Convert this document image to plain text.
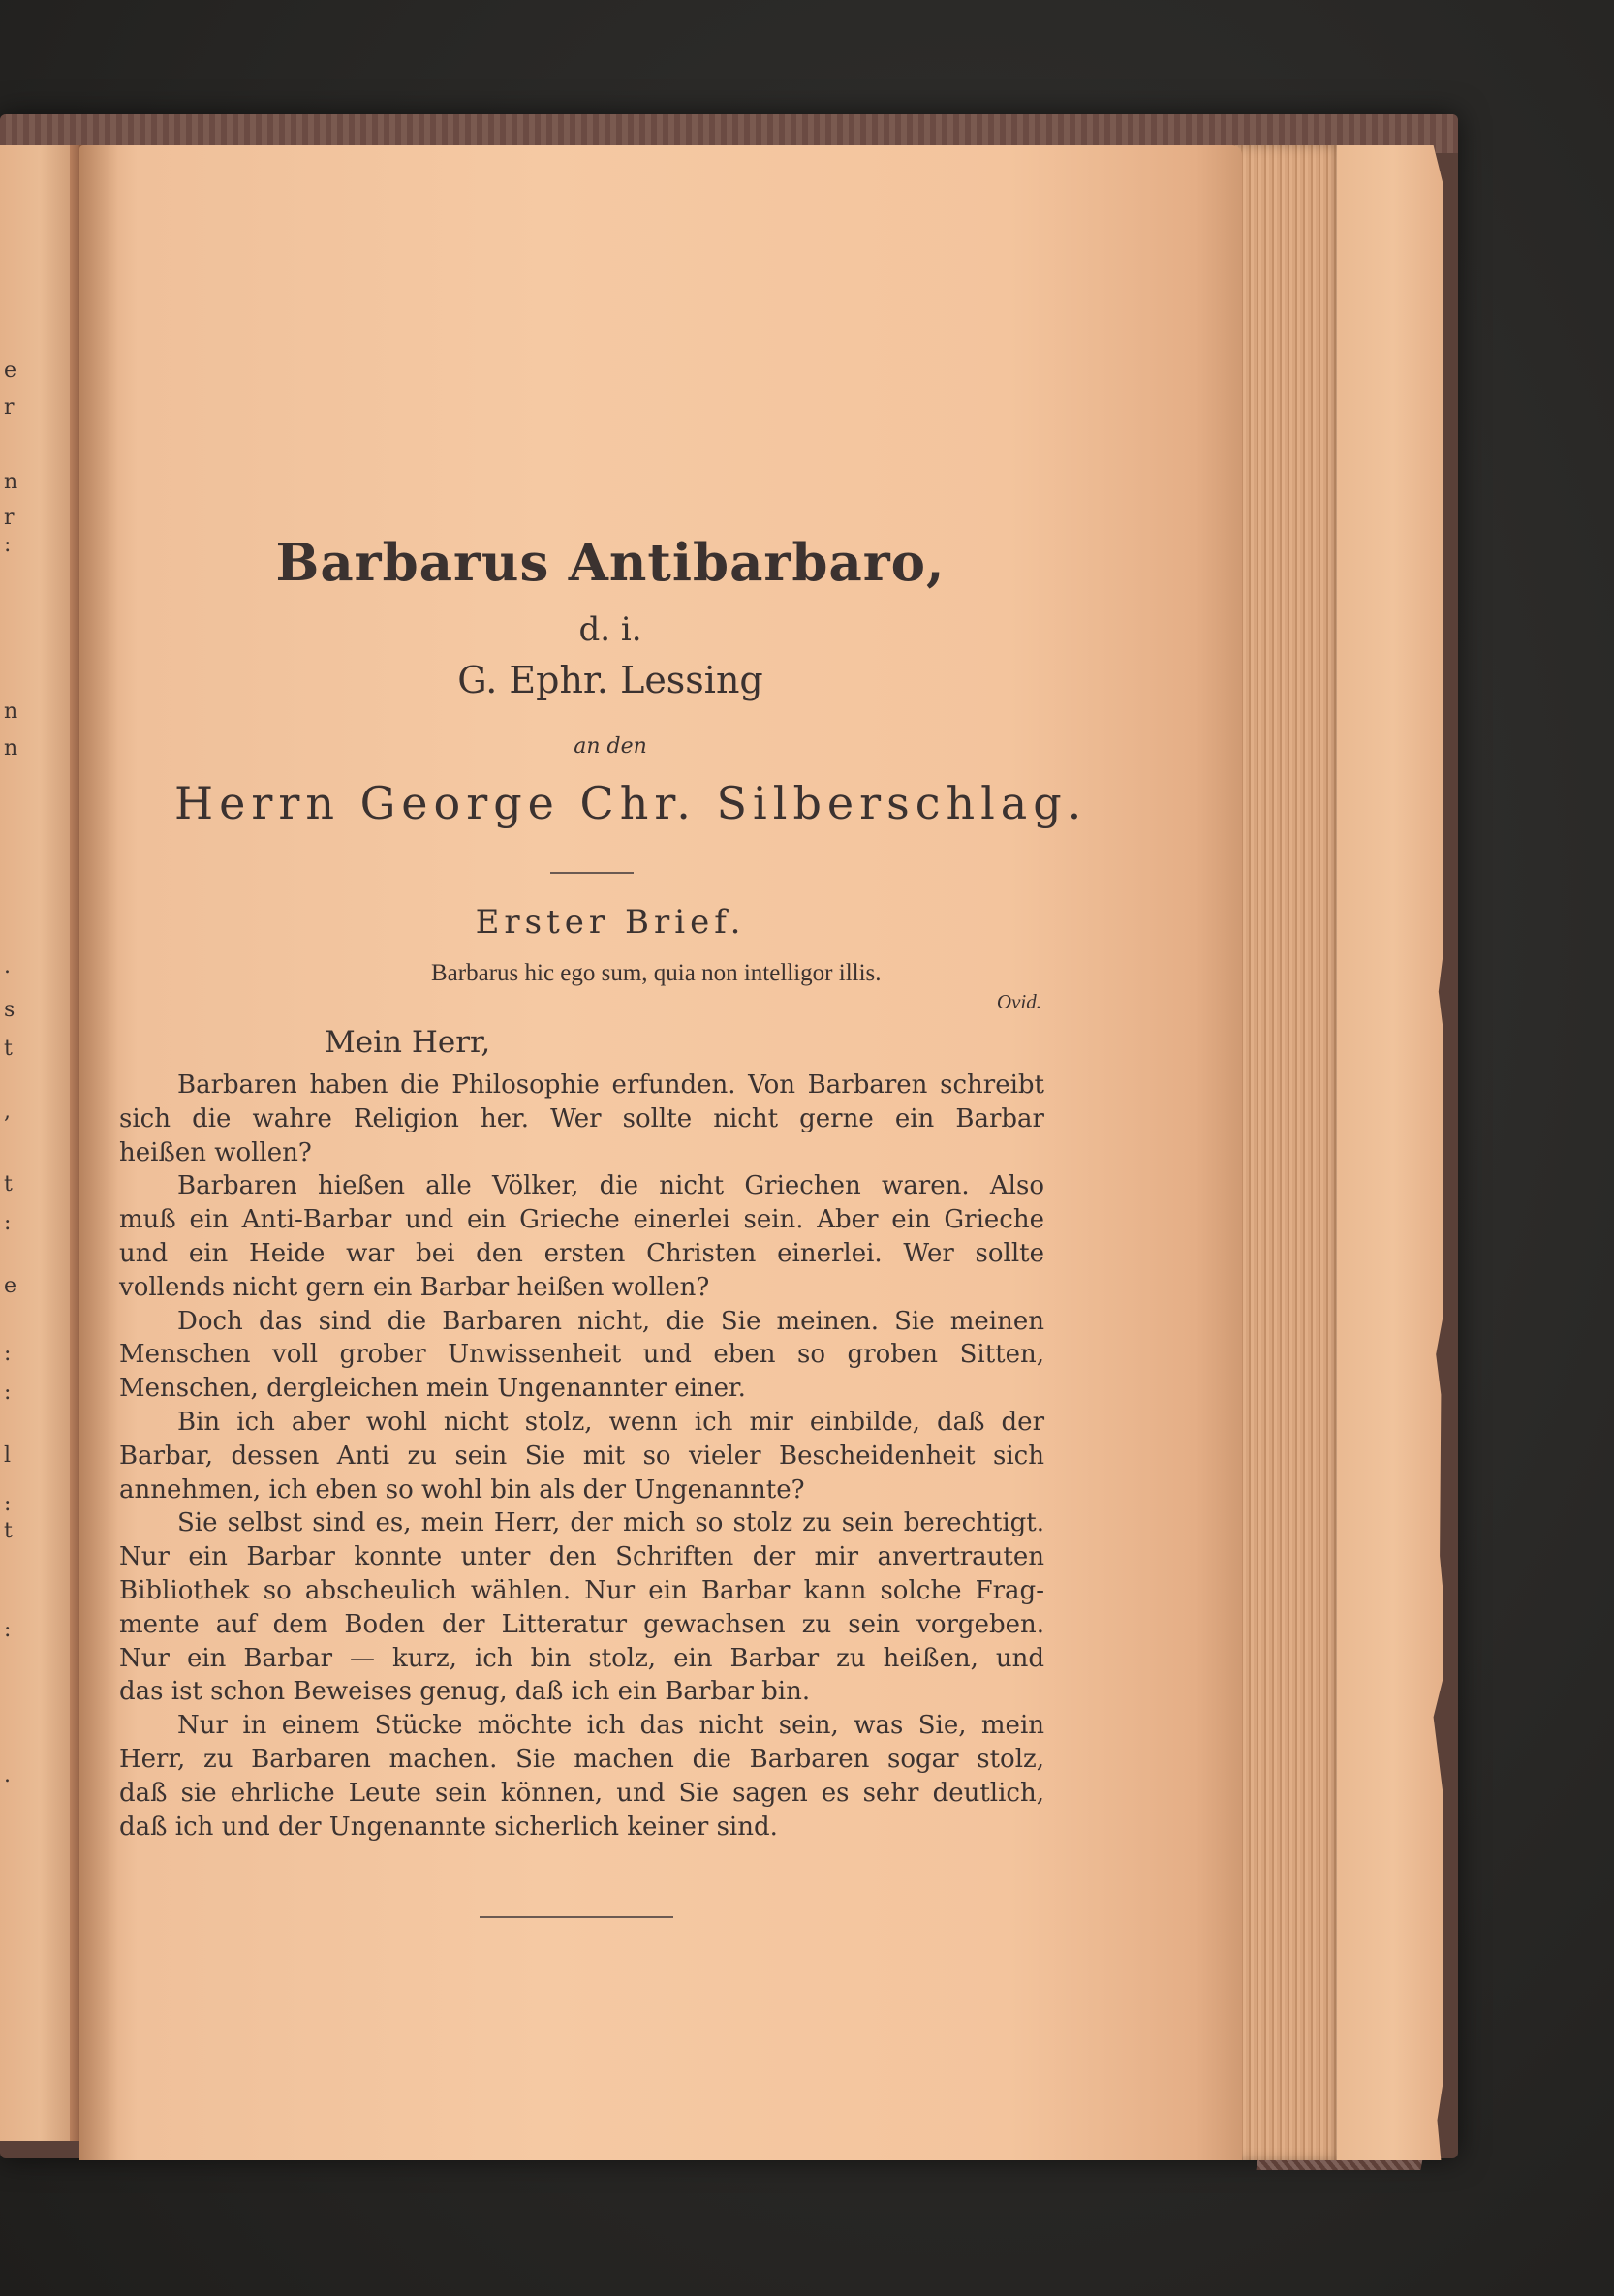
e
r
n
r
:
n
n
.
s
t
,
t
:
e
:
:
l
:
t
:
.
Barbarus Antibarbaro,
d. i.
G. Ephr. Lessing
an den
Herrn George Chr. Silberschlag.
Erster Brief.
Barbarus hic ego sum, quia non intelligor illis.
Ovid.
Mein Herr,
Barbaren haben die Philosophie erfunden. Von Barbaren schreibt
sich die wahre Religion her. Wer sollte nicht gerne ein Barbar
heißen wollen?
Barbaren hießen alle Völker, die nicht Griechen waren. Also
muß ein Anti-Barbar und ein Grieche einerlei sein. Aber ein Grieche
und ein Heide war bei den ersten Christen einerlei. Wer sollte
vollends nicht gern ein Barbar heißen wollen?
Doch das sind die Barbaren nicht, die Sie meinen. Sie meinen
Menschen voll grober Unwissenheit und eben so groben Sitten,
Menschen, dergleichen mein Ungenannter einer.
Bin ich aber wohl nicht stolz, wenn ich mir einbilde, daß der
Barbar, dessen Anti zu sein Sie mit so vieler Bescheidenheit sich
annehmen, ich eben so wohl bin als der Ungenannte?
Sie selbst sind es, mein Herr, der mich so stolz zu sein berechtigt.
Nur ein Barbar konnte unter den Schriften der mir anvertrauten
Bibliothek so abscheulich wählen. Nur ein Barbar kann solche Frag-
mente auf dem Boden der Litteratur gewachsen zu sein vorgeben.
Nur ein Barbar — kurz, ich bin stolz, ein Barbar zu heißen, und
das ist schon Beweises genug, daß ich ein Barbar bin.
Nur in einem Stücke möchte ich das nicht sein, was Sie, mein
Herr, zu Barbaren machen. Sie machen die Barbaren sogar stolz,
daß sie ehrliche Leute sein können, und Sie sagen es sehr deutlich,
daß ich und der Ungenannte sicherlich keiner sind.
